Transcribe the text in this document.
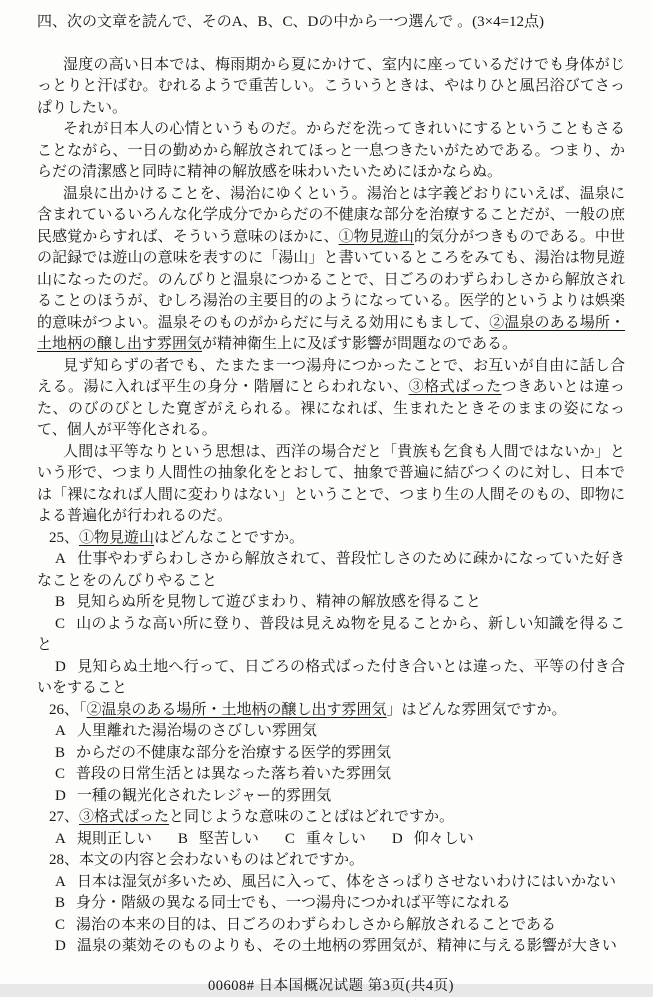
四、次の文章を読んで、そのA、B、C、Dの中から一つ選んで 。(3×4=12点)

湿度の高い日本では、梅雨期から夏にかけて、室内に座っているだけでも身体がじっとりと汗ばむ。むれるようで重苦しい。こういうときは、やはりひと風呂浴びてさっぱりしたい。

それが日本人の心情というものだ。からだを洗ってきれいにするということもさることながら、一日の勤めから解放されてほっと一息つきたいがためである。つまり、からだの清潔感と同時に精神の解放感を味わいたいためにほかならぬ。

温泉に出かけることを、湯治にゆくという。湯治とは字義どおりにいえば、温泉に含まれているいろんな化学成分でからだの不健康な部分を治療することだが、一般の庶民感覚からすれば、そういう意味のほかに、①物見遊山的気分がつきものである。中世の記録では遊山の意味を表すのに「湯山」と書いているところをみても、湯治は物見遊山になったのだ。のんびりと温泉につかることで、日ごろのわずらわしさから解放されることのほうが、むしろ湯治の主要目的のようになっている。医学的というよりは娯楽的意味がつよい。温泉そのものがからだに与える効用にもまして、②温泉のある場所・土地柄の醸し出す雰囲気が精神衛生上に及ぼす影響が問題なのである。

見ず知らずの者でも、たまたま一つ湯舟につかったことで、お互いが自由に話し合える。湯に入れば平生の身分・階層にとらわれない、③格式ばったつきあいとは違った、のびのびとした寛ぎがえられる。裸になれば、生まれたときそのままの姿になって、個人が平等化される。

人間は平等なりという思想は、西洋の場合だと「貴族も乞食も人間ではないか」という形で、つまり人間性の抽象化をとおして、抽象で普遍に結びつくのに対し、日本では「裸になれば人間に変わりはない」ということで、つまり生の人間そのもの、即物による普遍化が行われるのだ。

25、①物見遊山はどんなことですか。

A 仕事やわずらわしさから解放されて、普段忙しさのために疎かになっていた好きなことをのんびりやること

B 見知らぬ所を見物して遊びまわり、精神の解放感を得ること

C 山のような高い所に登り、普段は見えぬ物を見ることから、新しい知識を得ること

D 見知らぬ土地へ行って、日ごろの格式ばった付き合いとは違った、平等の付き合いをすること

26、「②温泉のある場所・土地柄の醸し出す雰囲気」はどんな雰囲気ですか。

A 人里離れた湯治場のさびしい雰囲気

B からだの不健康な部分を治療する医学的雰囲気

C 普段の日常生活とは異なった落ち着いた雰囲気

D 一種の観光化されたレジャー的雰囲気

27、③格式ばったと同じような意味のことばはどれですか。

A 規則正しい B 堅苦しい C 重々しい D 仰々しい

28、本文の内容と会わないものはどれですか。

A 日本は湿気が多いため、風呂に入って、体をさっぱりさせないわけにはいかない

B 身分・階級の異なる同士でも、一つ湯舟につかれば平等になれる

C 湯治の本来の目的は、日ごろのわずらわしさから解放されることである

D 温泉の薬効そのものよりも、その土地柄の雰囲気が、精神に与える影響が大きい

00608# 日本国概况试题 第3页(共4页)
